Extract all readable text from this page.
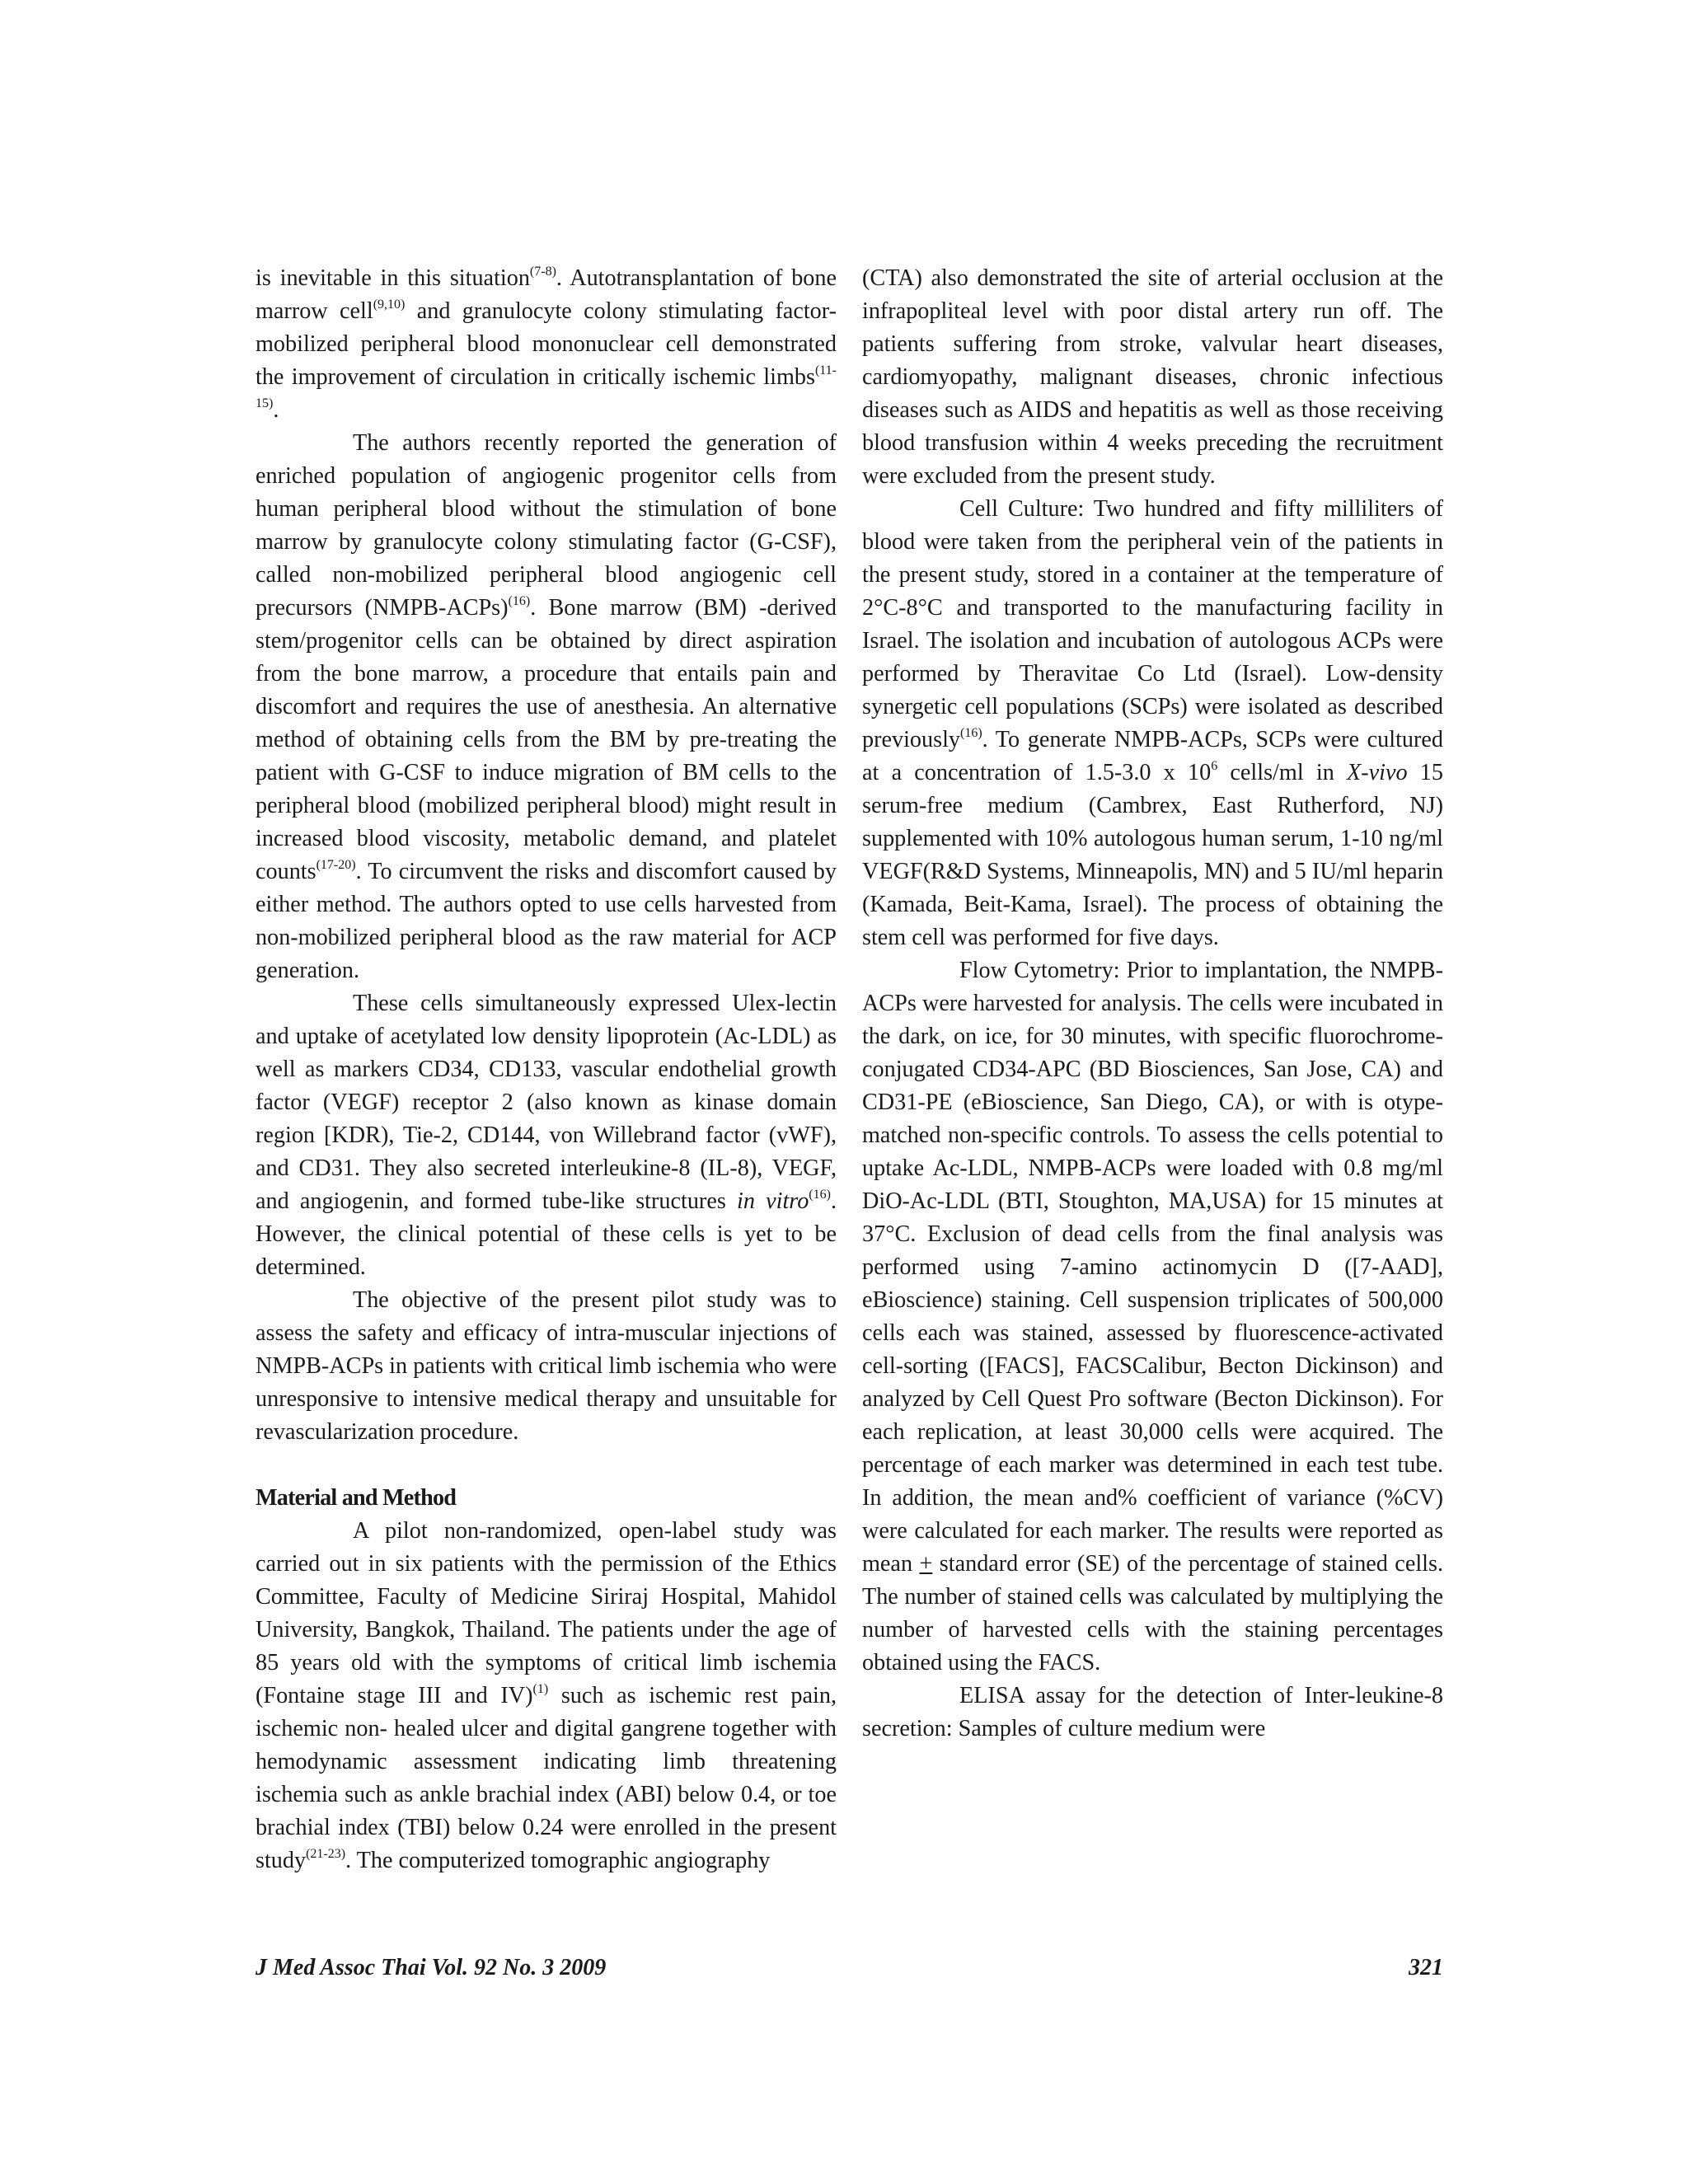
is inevitable in this situation$^{(7-8)}$. Autotransplantation of bone marrow cell$^{(9,10)}$ and granulocyte colony stimulating factor-mobilized peripheral blood mononuclear cell demonstrated the improvement of circulation in critically ischemic limbs$^{(11-15)}$.

The authors recently reported the generation of enriched population of angiogenic progenitor cells from human peripheral blood without the stimulation of bone marrow by granulocyte colony stimulating factor (G-CSF), called non-mobilized peripheral blood angiogenic cell precursors (NMPB-ACPs)$^{(16)}$. Bone marrow (BM) -derived stem/progenitor cells can be obtained by direct aspiration from the bone marrow, a procedure that entails pain and discomfort and requires the use of anesthesia. An alternative method of obtaining cells from the BM by pre-treating the patient with G-CSF to induce migration of BM cells to the peripheral blood (mobilized peripheral blood) might result in increased blood viscosity, metabolic demand, and platelet counts$^{(17-20)}$. To circumvent the risks and discomfort caused by either method. The authors opted to use cells harvested from non-mobilized peripheral blood as the raw material for ACP generation.

These cells simultaneously expressed Ulex-lectin and uptake of acetylated low density lipoprotein (Ac-LDL) as well as markers CD34, CD133, vascular endothelial growth factor (VEGF) receptor 2 (also known as kinase domain region [KDR), Tie-2, CD144, von Willebrand factor (vWF), and CD31. They also secreted interleukine-8 (IL-8), VEGF, and angiogenin, and formed tube-like structures in vitro$^{(16)}$. However, the clinical potential of these cells is yet to be determined.

The objective of the present pilot study was to assess the safety and efficacy of intra-muscular injections of NMPB-ACPs in patients with critical limb ischemia who were unresponsive to intensive medical therapy and unsuitable for revascularization procedure.

Material and Method

A pilot non-randomized, open-label study was carried out in six patients with the permission of the Ethics Committee, Faculty of Medicine Siriraj Hospital, Mahidol University, Bangkok, Thailand. The patients under the age of 85 years old with the symptoms of critical limb ischemia (Fontaine stage III and IV)$^{(1)}$ such as ischemic rest pain, ischemic non- healed ulcer and digital gangrene together with hemodynamic assessment indicating limb threatening ischemia such as ankle brachial index (ABI) below 0.4, or toe brachial index (TBI) below 0.24 were enrolled in the present study$^{(21-23)}$. The computerized tomographic angiography

(CTA) also demonstrated the site of arterial occlusion at the infrapopliteal level with poor distal artery run off. The patients suffering from stroke, valvular heart diseases, cardiomyopathy, malignant diseases, chronic infectious diseases such as AIDS and hepatitis as well as those receiving blood transfusion within 4 weeks preceding the recruitment were excluded from the present study.

Cell Culture: Two hundred and fifty milliliters of blood were taken from the peripheral vein of the patients in the present study, stored in a container at the temperature of 2°C-8°C and transported to the manufacturing facility in Israel. The isolation and incubation of autologous ACPs were performed by Theravitae Co Ltd (Israel). Low-density synergetic cell populations (SCPs) were isolated as described previously$^{(16)}$. To generate NMPB-ACPs, SCPs were cultured at a concentration of 1.5-3.0 x $10^6$ cells/ml in X-vivo 15 serum-free medium (Cambrex, East Rutherford, NJ) supplemented with 10% autologous human serum, 1-10 ng/ml VEGF(R&D Systems, Minneapolis, MN) and 5 IU/ml heparin (Kamada, Beit-Kama, Israel). The process of obtaining the stem cell was performed for five days.

Flow Cytometry: Prior to implantation, the NMPB-ACPs were harvested for analysis. The cells were incubated in the dark, on ice, for 30 minutes, with specific fluorochrome-conjugated CD34-APC (BD Biosciences, San Jose, CA) and CD31-PE (eBioscience, San Diego, CA), or with is otype-matched non-specific controls. To assess the cells potential to uptake Ac-LDL, NMPB-ACPs were loaded with 0.8 mg/ml DiO-Ac-LDL (BTI, Stoughton, MA,USA) for 15 minutes at 37°C. Exclusion of dead cells from the final analysis was performed using 7-amino actinomycin D ([7-AAD], eBioscience) staining. Cell suspension triplicates of 500,000 cells each was stained, assessed by fluorescence-activated cell-sorting ([FACS], FACSCalibur, Becton Dickinson) and analyzed by Cell Quest Pro software (Becton Dickinson). For each replication, at least 30,000 cells were acquired. The percentage of each marker was determined in each test tube. In addition, the mean and% coefficient of variance (%CV) were calculated for each marker. The results were reported as mean + standard error (SE) of the percentage of stained cells. The number of stained cells was calculated by multiplying the number of harvested cells with the staining percentages obtained using the FACS.

ELISA assay for the detection of Inter-leukine-8 secretion: Samples of culture medium were

J Med Assoc Thai Vol. 92 No. 3 2009	321
